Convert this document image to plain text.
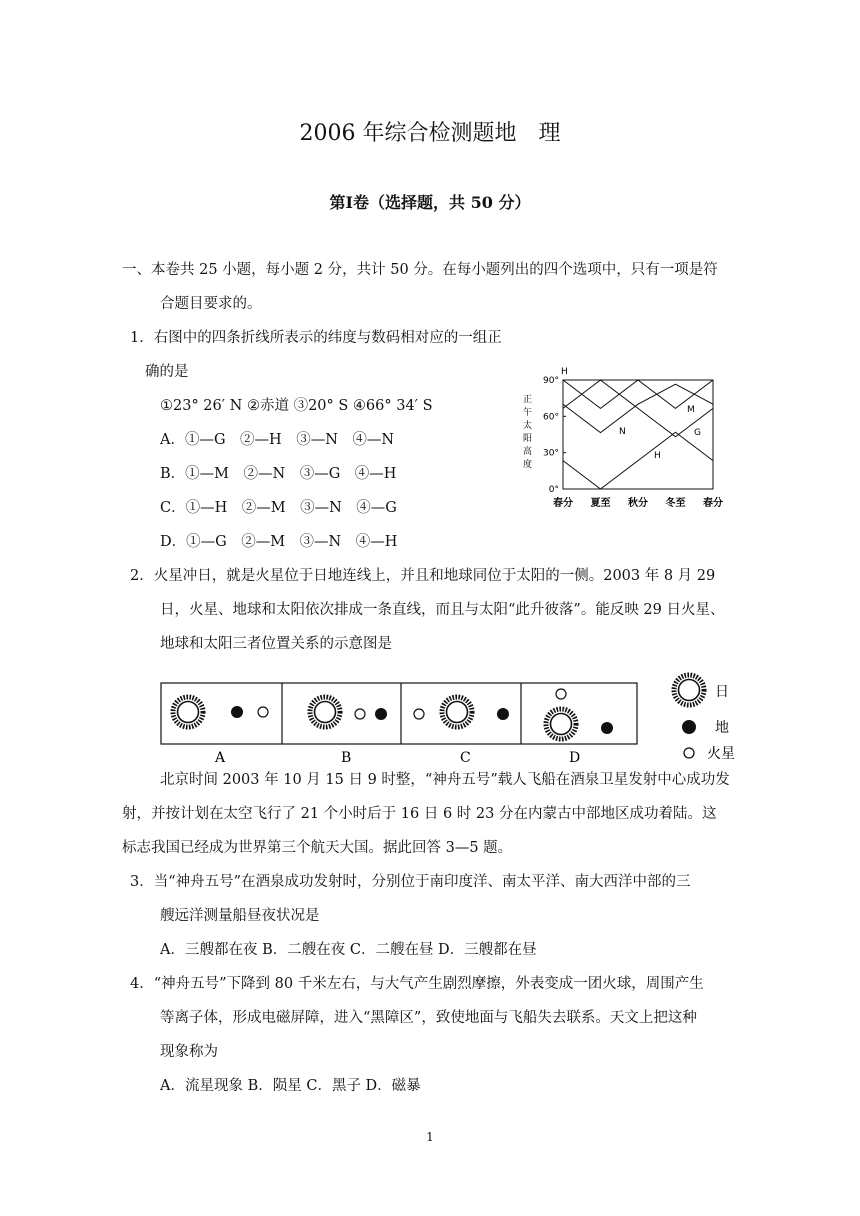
2006 年综合检测题地　理
第Ⅰ卷（选择题，共 50 分）
一、本卷共 25 小题，每小题 2 分，共计 50 分。在每小题列出的四个选项中，只有一项是符
合题目要求的。
1．右图中的四条折线所表示的纬度与数码相对应的一组正
确的是
①23° 26′ N ②赤道 ③20° S ④66° 34′ S
A．①—G　②—H　③—N　④—N
B．①—M　②—N　③—G　④—H
C．①—H　②—M　③—N　④—G
D．①—G　②—M　③—N　④—H
正
午
太
阳
高
度
90°
60°
30°
0°
H
M
N	G
H
春分 夏至 秋分 冬至 春分
2．火星冲日，就是火星位于日地连线上，并且和地球同位于太阳的一侧。2003 年 8 月 29
日，火星、地球和太阳依次排成一条直线，而且与太阳“此升彼落”。能反映 29 日火星、
地球和太阳三者位置关系的示意图是
A	B	C	D
日
地
火星
北京时间 2003 年 10 月 15 日 9 时整，“神舟五号”载人飞船在酒泉卫星发射中心成功发
射，并按计划在太空飞行了 21 个小时后于 16 日 6 时 23 分在内蒙古中部地区成功着陆。这
标志我国已经成为世界第三个航天大国。据此回答 3—5 题。
3．当“神舟五号”在酒泉成功发射时，分别位于南印度洋、南太平洋、南大西洋中部的三
艘远洋测量船昼夜状况是
A．三艘都在夜 B．二艘在夜 C．二艘在昼 D．三艘都在昼
4．“神舟五号”下降到 80 千米左右，与大气产生剧烈摩擦，外表变成一团火球，周围产生
等离子体，形成电磁屏障，进入“黑障区”，致使地面与飞船失去联系。天文上把这种
现象称为
A．流星现象 B．陨星 C．黑子 D．磁暴
1
